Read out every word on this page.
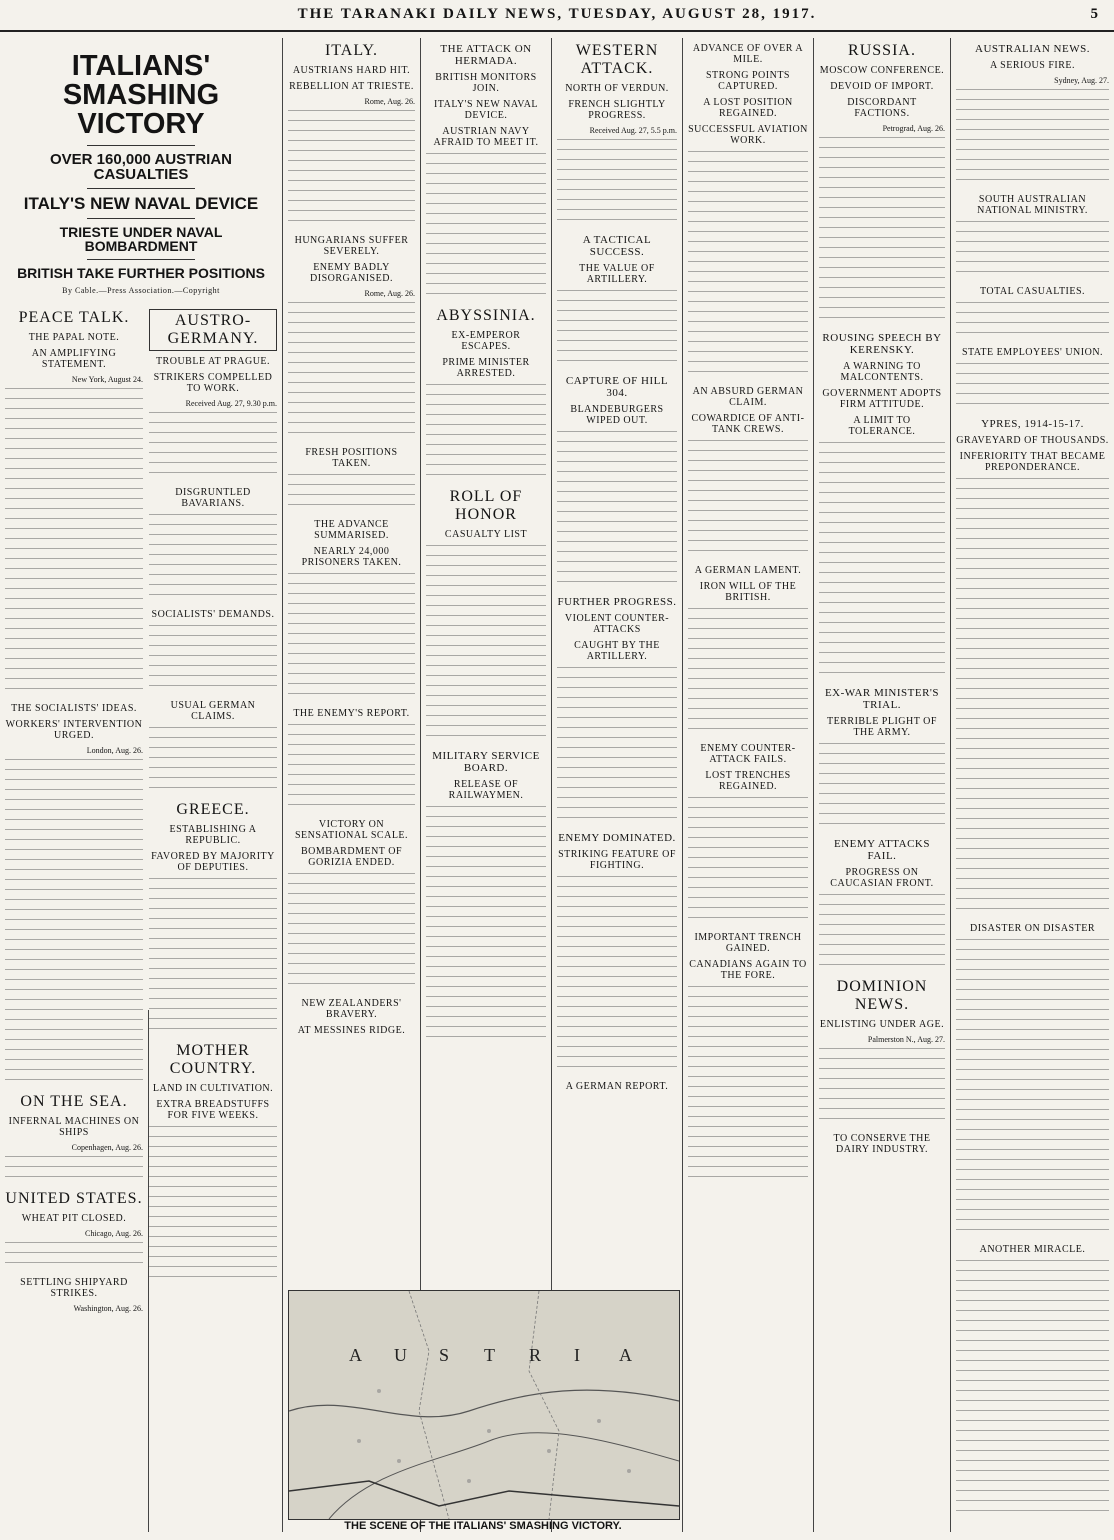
THE TARANAKI DAILY NEWS, TUESDAY, AUGUST 28, 1917.	5
ITALIANS' SMASHING VICTORY
OVER 160,000 AUSTRIAN CASUALTIES
ITALY'S NEW NAVAL DEVICE
TRIESTE UNDER NAVAL BOMBARDMENT
BRITISH TAKE FURTHER POSITIONS
By Cable.—Press Association.—Copyright
PEACE TALK.
THE PAPAL NOTE.
AN AMPLIFYING STATEMENT.
New York, August 24.
THE SOCIALISTS' IDEAS.
WORKERS' INTERVENTION URGED.
London, Aug. 26.
ON THE SEA.
INFERNAL MACHINES ON SHIPS
Copenhagen, Aug. 26.
UNITED STATES.
WHEAT PIT CLOSED.
Chicago, Aug. 26.
SETTLING SHIPYARD STRIKES.
Washington, Aug. 26.
AUSTRO-GERMANY.
TROUBLE AT PRAGUE.
STRIKERS COMPELLED TO WORK.
Received Aug. 27, 9.30 p.m.
DISGRUNTLED BAVARIANS.
SOCIALISTS' DEMANDS.
USUAL GERMAN CLAIMS.
GREECE.
ESTABLISHING A REPUBLIC.
FAVORED BY MAJORITY OF DEPUTIES.
MOTHER COUNTRY.
LAND IN CULTIVATION.
EXTRA BREADSTUFFS FOR FIVE WEEKS.
ITALY.
AUSTRIANS HARD HIT.
REBELLION AT TRIESTE.
Rome, Aug. 26.
HUNGARIANS SUFFER SEVERELY.
ENEMY BADLY DISORGANISED.
Rome, Aug. 26.
FRESH POSITIONS TAKEN.
THE ADVANCE SUMMARISED.
NEARLY 24,000 PRISONERS TAKEN.
THE ENEMY'S REPORT.
VICTORY ON SENSATIONAL SCALE.
BOMBARDMENT OF GORIZIA ENDED.
NEW ZEALANDERS' BRAVERY.
AT MESSINES RIDGE.
THE ATTACK ON HERMADA.
BRITISH MONITORS JOIN.
ITALY'S NEW NAVAL DEVICE.
AUSTRIAN NAVY AFRAID TO MEET IT.
ABYSSINIA.
EX-EMPEROR ESCAPES.
PRIME MINISTER ARRESTED.
ROLL OF HONOR
CASUALTY LIST
MILITARY SERVICE BOARD.
RELEASE OF RAILWAYMEN.
WESTERN ATTACK.
NORTH OF VERDUN.
FRENCH SLIGHTLY PROGRESS.
Received Aug. 27, 5.5 p.m.
A TACTICAL SUCCESS.
THE VALUE OF ARTILLERY.
CAPTURE OF HILL 304.
BLANDEBURGERS WIPED OUT.
FURTHER PROGRESS.
VIOLENT COUNTER-ATTACKS
CAUGHT BY THE ARTILLERY.
ENEMY DOMINATED.
STRIKING FEATURE OF FIGHTING.
A GERMAN REPORT.
ADVANCE OF OVER A MILE.
STRONG POINTS CAPTURED.
A LOST POSITION REGAINED.
SUCCESSFUL AVIATION WORK.
AN ABSURD GERMAN CLAIM.
COWARDICE OF ANTI-TANK CREWS.
A GERMAN LAMENT.
IRON WILL OF THE BRITISH.
ENEMY COUNTER-ATTACK FAILS.
LOST TRENCHES REGAINED.
IMPORTANT TRENCH GAINED.
CANADIANS AGAIN TO THE FORE.
RUSSIA.
MOSCOW CONFERENCE.
DEVOID OF IMPORT.
DISCORDANT FACTIONS.
Petrograd, Aug. 26.
ROUSING SPEECH BY KERENSKY.
A WARNING TO MALCONTENTS.
GOVERNMENT ADOPTS FIRM ATTITUDE.
A LIMIT TO TOLERANCE.
EX-WAR MINISTER'S TRIAL.
TERRIBLE PLIGHT OF THE ARMY.
ENEMY ATTACKS FAIL.
PROGRESS ON CAUCASIAN FRONT.
DOMINION NEWS.
ENLISTING UNDER AGE.
Palmerston N., Aug. 27.
TO CONSERVE THE DAIRY INDUSTRY.
AUSTRALIAN NEWS.
A SERIOUS FIRE.
Sydney, Aug. 27.
SOUTH AUSTRALIAN NATIONAL MINISTRY.
TOTAL CASUALTIES.
STATE EMPLOYEES' UNION.
YPRES, 1914-15-17.
GRAVEYARD OF THOUSANDS.
INFERIORITY THAT BECAME PREPONDERANCE.
DISASTER ON DISASTER
ANOTHER MIRACLE.
A U S T R I A
THE SCENE OF THE ITALIANS' SMASHING VICTORY.
